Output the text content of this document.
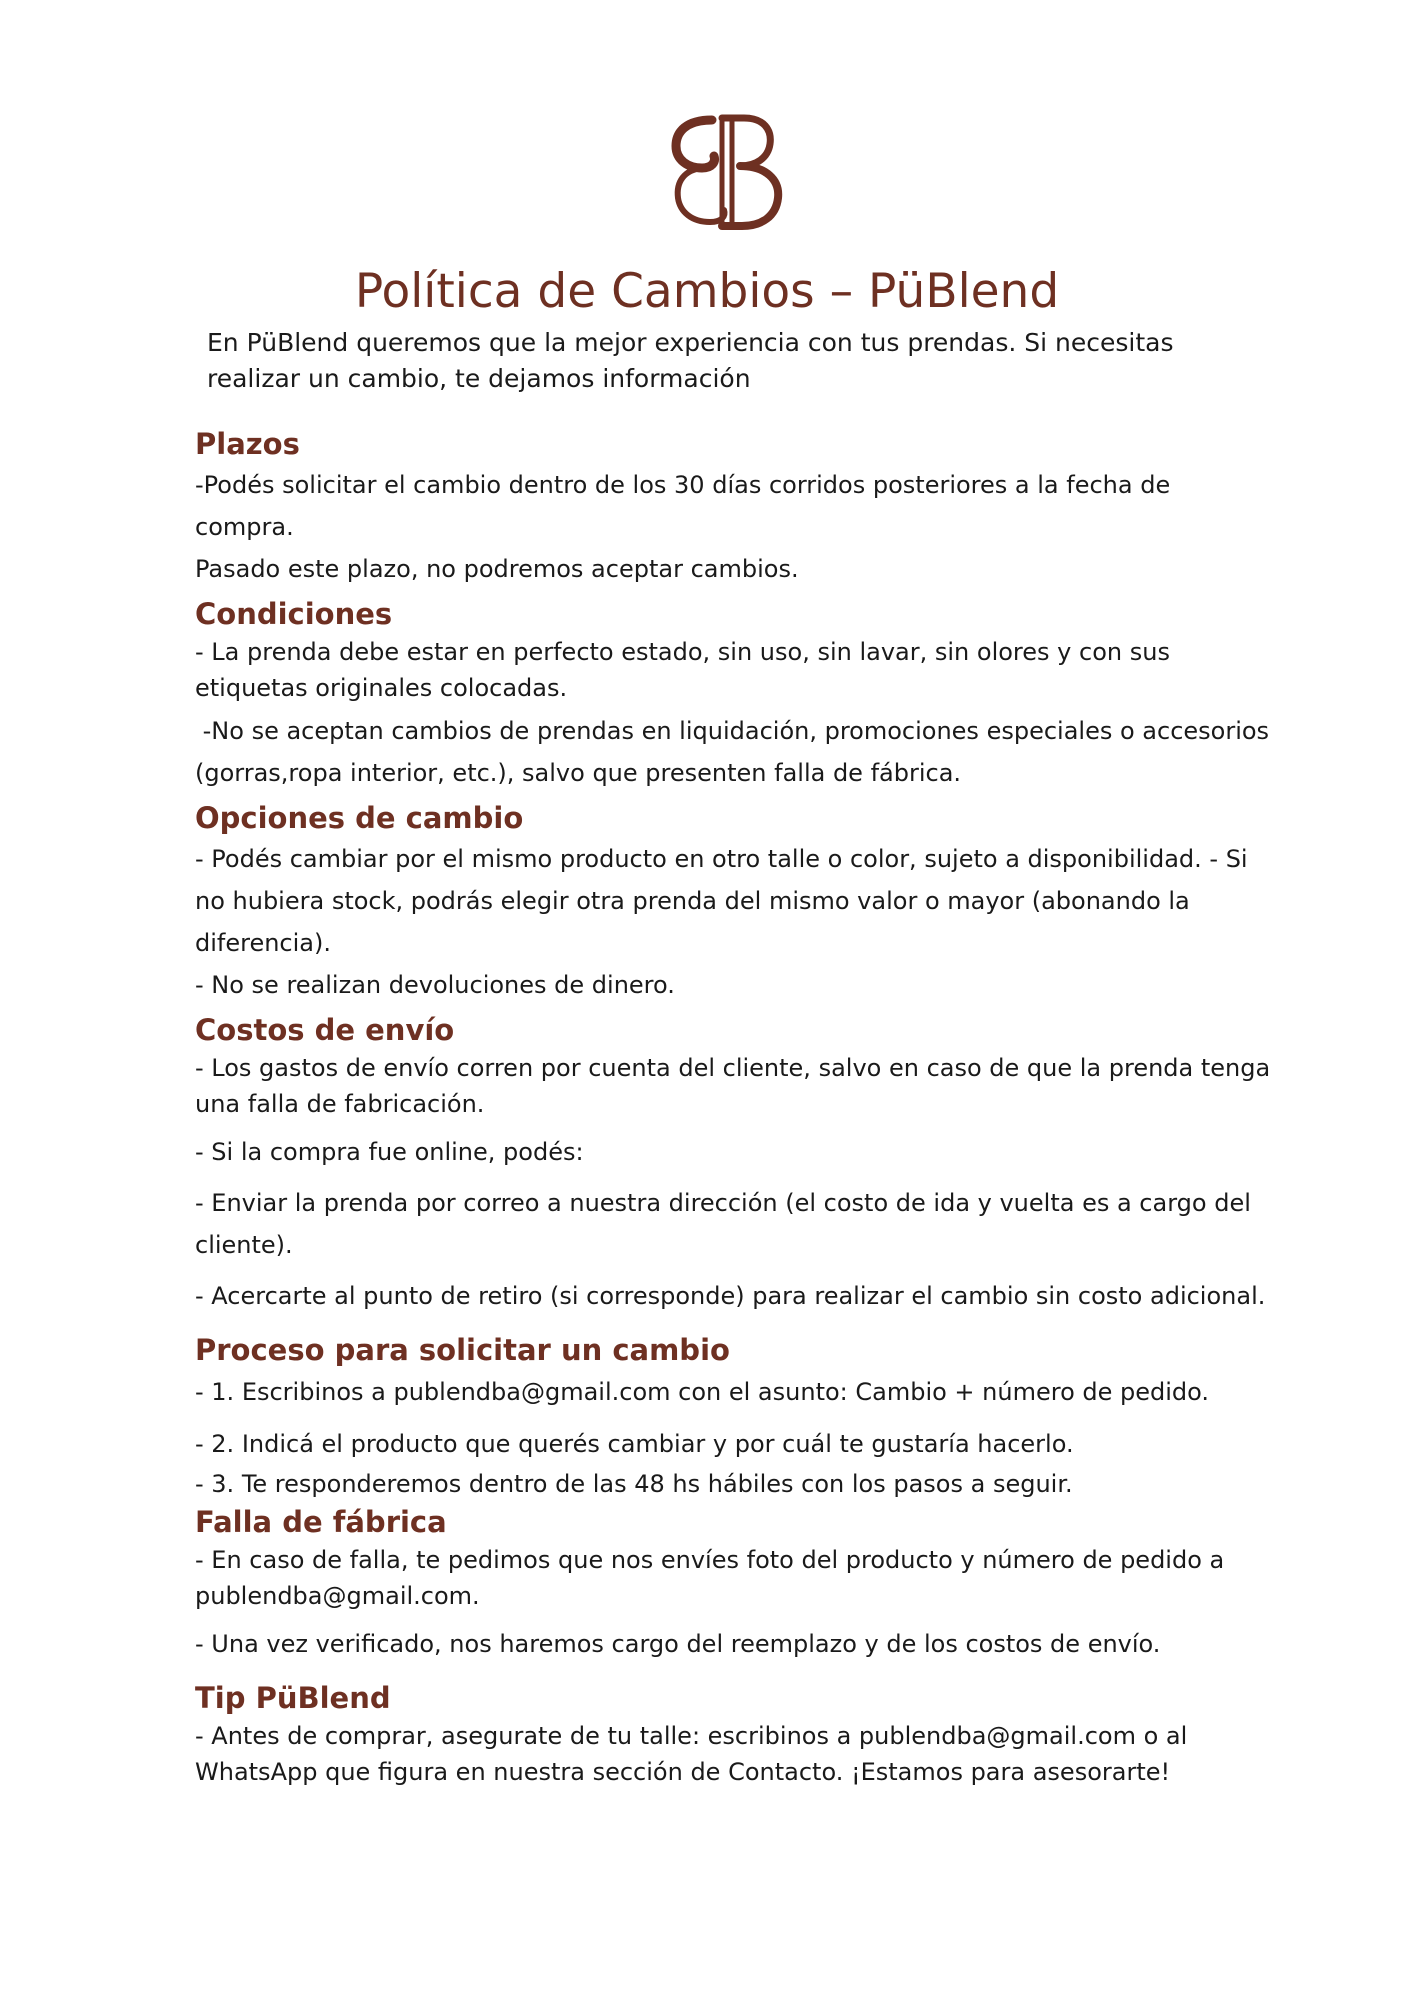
Política de Cambios – PüBlend

En PüBlend queremos que la mejor experiencia con tus prendas. Si necesitas realizar un cambio, te dejamos información

Plazos

-Podés solicitar el cambio dentro de los 30 días corridos posteriores a la fecha de compra.

Pasado este plazo, no podremos aceptar cambios.

Condiciones

- La prenda debe estar en perfecto estado, sin uso, sin lavar, sin olores y con sus etiquetas originales colocadas.

-No se aceptan cambios de prendas en liquidación, promociones especiales o accesorios (gorras,ropa interior, etc.), salvo que presenten falla de fábrica.

Opciones de cambio

- Podés cambiar por el mismo producto en otro talle o color, sujeto a disponibilidad. - Si no hubiera stock, podrás elegir otra prenda del mismo valor o mayor (abonando la diferencia).

- No se realizan devoluciones de dinero.

Costos de envío

- Los gastos de envío corren por cuenta del cliente, salvo en caso de que la prenda tenga una falla de fabricación.

- Si la compra fue online, podés:

- Enviar la prenda por correo a nuestra dirección (el costo de ida y vuelta es a cargo del cliente).

- Acercarte al punto de retiro (si corresponde) para realizar el cambio sin costo adicional.

Proceso para solicitar un cambio

- 1. Escribinos a publendba@gmail.com con el asunto: Cambio + número de pedido.

- 2. Indicá el producto que querés cambiar y por cuál te gustaría hacerlo.

- 3. Te responderemos dentro de las 48 hs hábiles con los pasos a seguir.

Falla de fábrica

- En caso de falla, te pedimos que nos envíes foto del producto y número de pedido a publendba@gmail.com.

- Una vez verificado, nos haremos cargo del reemplazo y de los costos de envío.

Tip PüBlend

- Antes de comprar, asegurate de tu talle: escribinos a publendba@gmail.com o al WhatsApp que figura en nuestra sección de Contacto. ¡Estamos para asesorarte!
